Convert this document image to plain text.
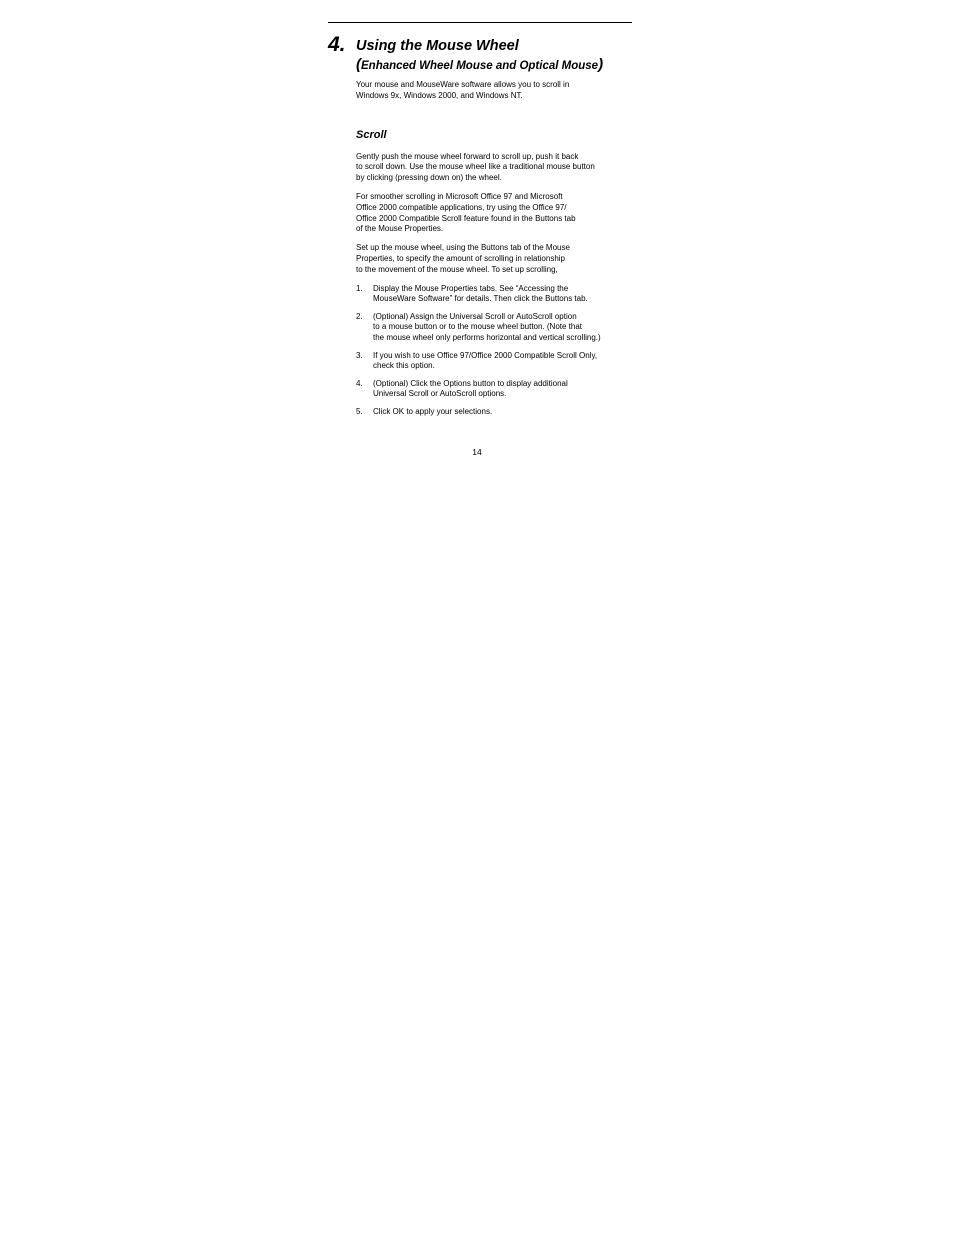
4. Using the Mouse Wheel
(Enhanced Wheel Mouse and Optical Mouse)

Your mouse and MouseWare software allows you to scroll in
Windows 9x, Windows 2000, and Windows NT.

Scroll

Gently push the mouse wheel forward to scroll up, push it back
to scroll down. Use the mouse wheel like a traditional mouse button
by clicking (pressing down on) the wheel.

For smoother scrolling in Microsoft Office 97 and Microsoft
Office 2000 compatible applications, try using the Office 97/
Office 2000 Compatible Scroll feature found in the Buttons tab
of the Mouse Properties.

Set up the mouse wheel, using the Buttons tab of the Mouse
Properties, to specify the amount of scrolling in relationship
to the movement of the mouse wheel. To set up scrolling,

1. Display the Mouse Properties tabs. See “Accessing the
MouseWare Software” for details. Then click the Buttons tab.
2. (Optional) Assign the Universal Scroll or AutoScroll option
to a mouse button or to the mouse wheel button. (Note that
the mouse wheel only performs horizontal and vertical scrolling.)
3. If you wish to use Office 97/Office 2000 Compatible Scroll Only,
check this option.
4. (Optional) Click the Options button to display additional
Universal Scroll or AutoScroll options.
5. Click OK to apply your selections.
14
